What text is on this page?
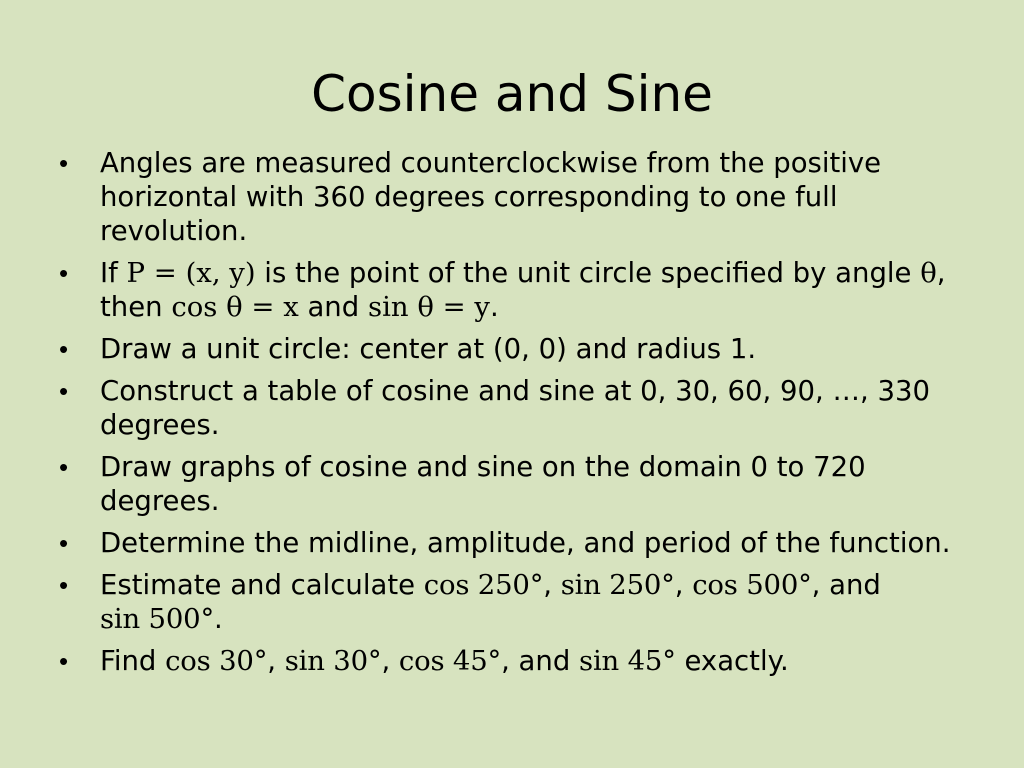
Cosine and Sine
• Angles are measured counterclockwise from the positive horizontal with 360 degrees corresponding to one full revolution.
• If P = (x, y) is the point of the unit circle specified by angle θ, then cos θ = x and sin θ = y.
• Draw a unit circle: center at (0, 0) and radius 1.
• Construct a table of cosine and sine at 0, 30, 60, 90, …, 330 degrees.
• Draw graphs of cosine and sine on the domain 0 to 720 degrees.
• Determine the midline, amplitude, and period of the function.
• Estimate and calculate cos 250°, sin 250°, cos 500°, and sin 500°.
• Find cos 30°, sin 30°, cos 45°, and sin 45° exactly.
